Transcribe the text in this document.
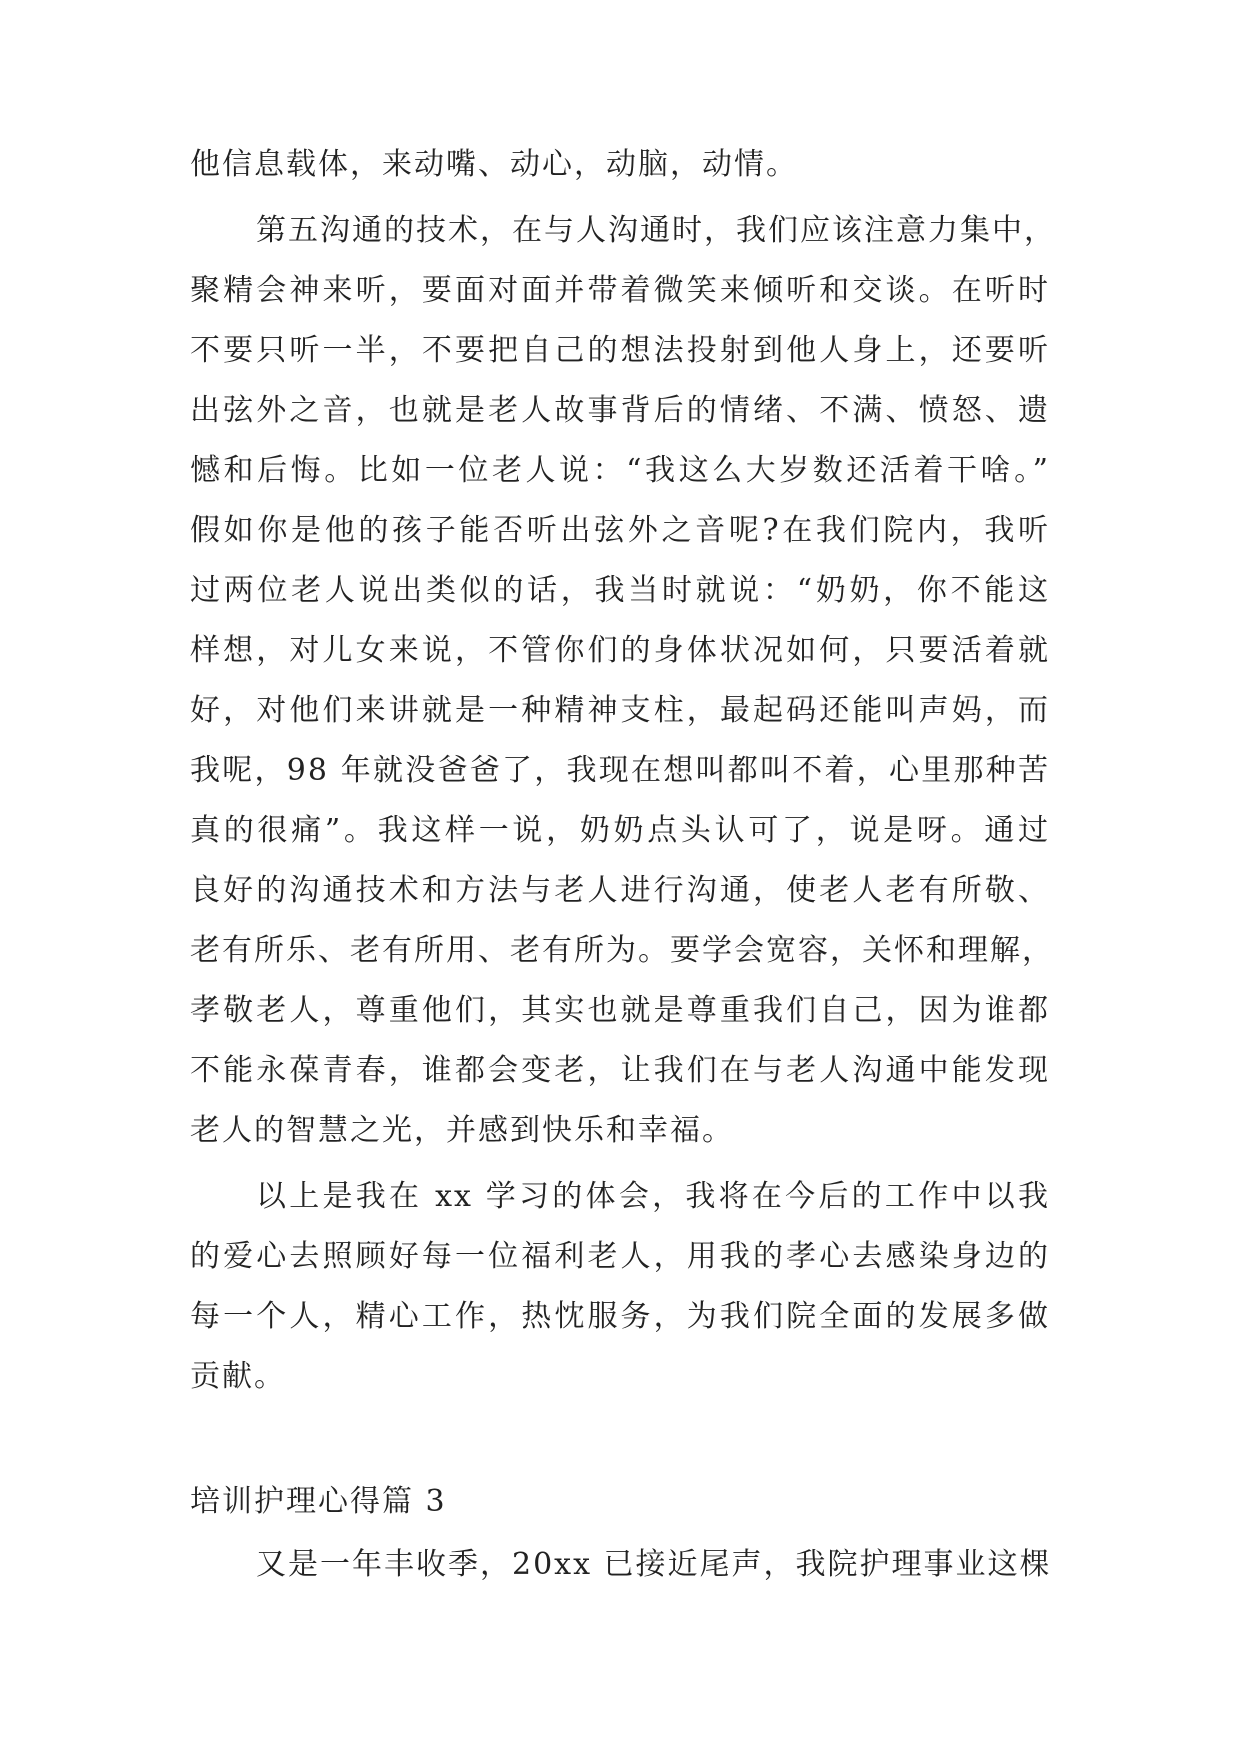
他信息载体，来动嘴、动心，动脑，动情。
第五沟通的技术，在与人沟通时，我们应该注意力集中，
聚精会神来听，要面对面并带着微笑来倾听和交谈。在听时
不要只听一半，不要把自己的想法投射到他人身上，还要听
出弦外之音，也就是老人故事背后的情绪、不满、愤怒、遗
憾和后悔。比如一位老人说：“我这么大岁数还活着干啥。”
假如你是他的孩子能否听出弦外之音呢?在我们院内，我听
过两位老人说出类似的话，我当时就说：“奶奶，你不能这
样想，对儿女来说，不管你们的身体状况如何，只要活着就
好，对他们来讲就是一种精神支柱，最起码还能叫声妈，而
我呢，98 年就没爸爸了，我现在想叫都叫不着，心里那种苦
真的很痛”。我这样一说，奶奶点头认可了，说是呀。通过
良好的沟通技术和方法与老人进行沟通，使老人老有所敬、
老有所乐、老有所用、老有所为。要学会宽容，关怀和理解，
孝敬老人，尊重他们，其实也就是尊重我们自己，因为谁都
不能永葆青春，谁都会变老，让我们在与老人沟通中能发现
老人的智慧之光，并感到快乐和幸福。
以上是我在 xx 学习的体会，我将在今后的工作中以我
的爱心去照顾好每一位福利老人，用我的孝心去感染身边的
每一个人，精心工作，热忱服务，为我们院全面的发展多做
贡献。
培训护理心得篇 3
又是一年丰收季，20xx 已接近尾声，我院护理事业这棵
